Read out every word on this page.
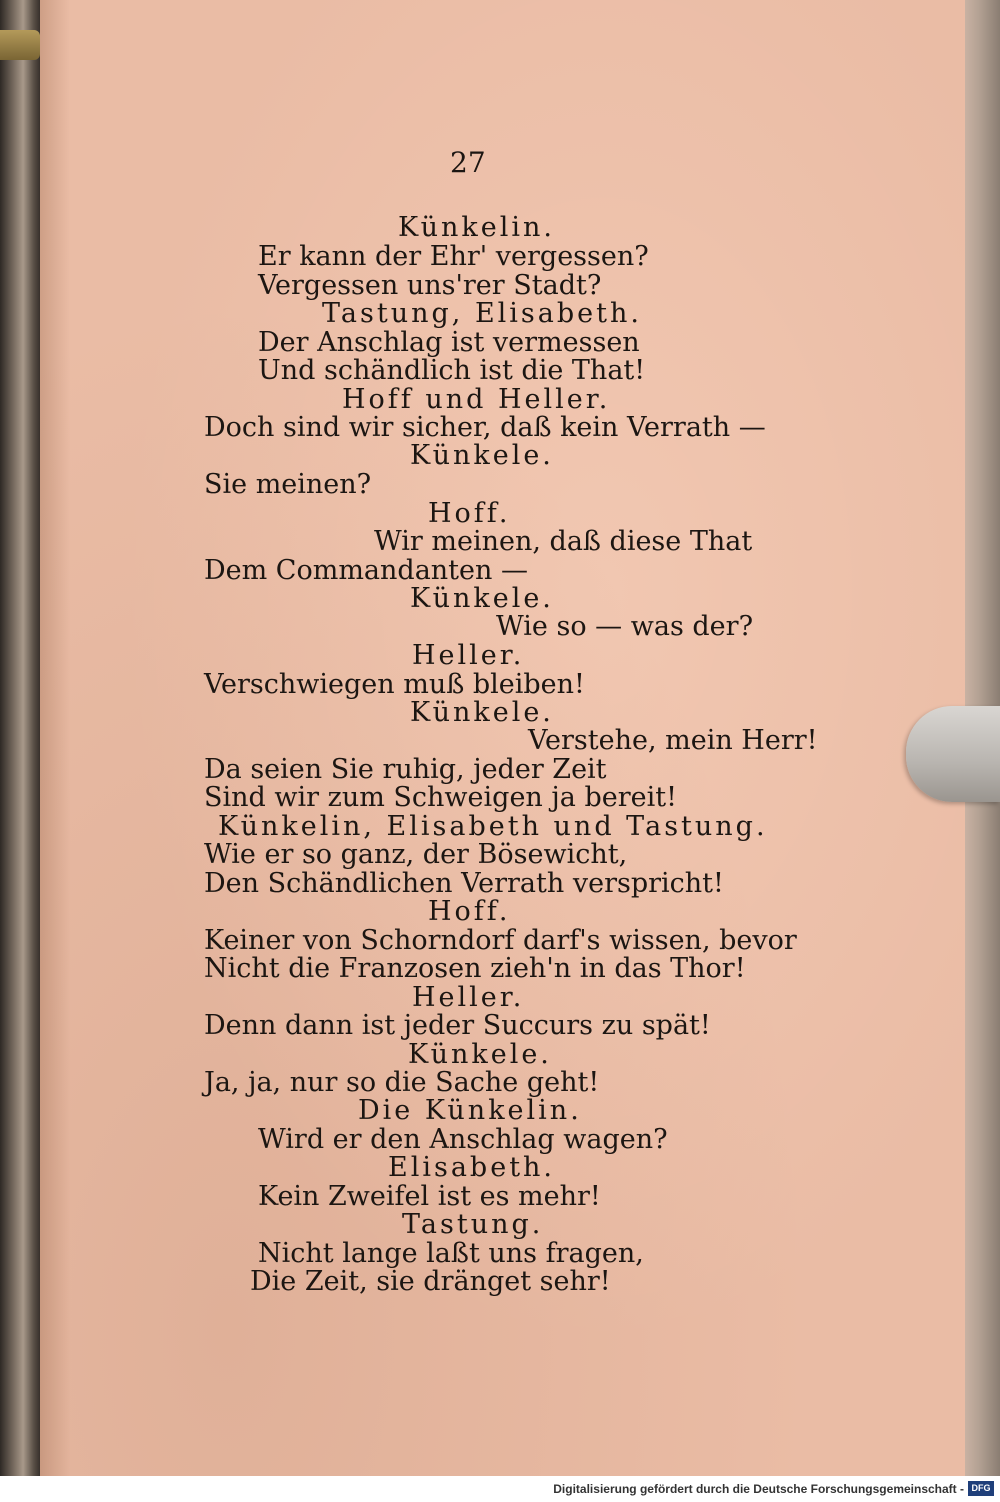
27
Künkelin.
Er kann der Ehr' vergessen?
Vergessen uns'rer Stadt?
Tastung, Elisabeth.
Der Anschlag ist vermessen
Und schändlich ist die That!
Hoff und Heller.
Doch sind wir sicher, daß kein Verrath —
Künkele.
Sie meinen?
Hoff.
Wir meinen, daß diese That
Dem Commandanten —
Künkele.
Wie so — was der?
Heller.
Verschwiegen muß bleiben!
Künkele.
Verstehe, mein Herr!
Da seien Sie ruhig, jeder Zeit
Sind wir zum Schweigen ja bereit!
Künkelin, Elisabeth und Tastung.
Wie er so ganz, der Bösewicht,
Den Schändlichen Verrath verspricht!
Hoff.
Keiner von Schorndorf darf's wissen, bevor
Nicht die Franzosen zieh'n in das Thor!
Heller.
Denn dann ist jeder Succurs zu spät!
Künkele.
Ja, ja, nur so die Sache geht!
Die Künkelin.
Wird er den Anschlag wagen?
Elisabeth.
Kein Zweifel ist es mehr!
Tastung.
Nicht lange laßt uns fragen,
Die Zeit, sie dränget sehr!
Digitalisierung gefördert durch die Deutsche Forschungsgemeinschaft - DFG
